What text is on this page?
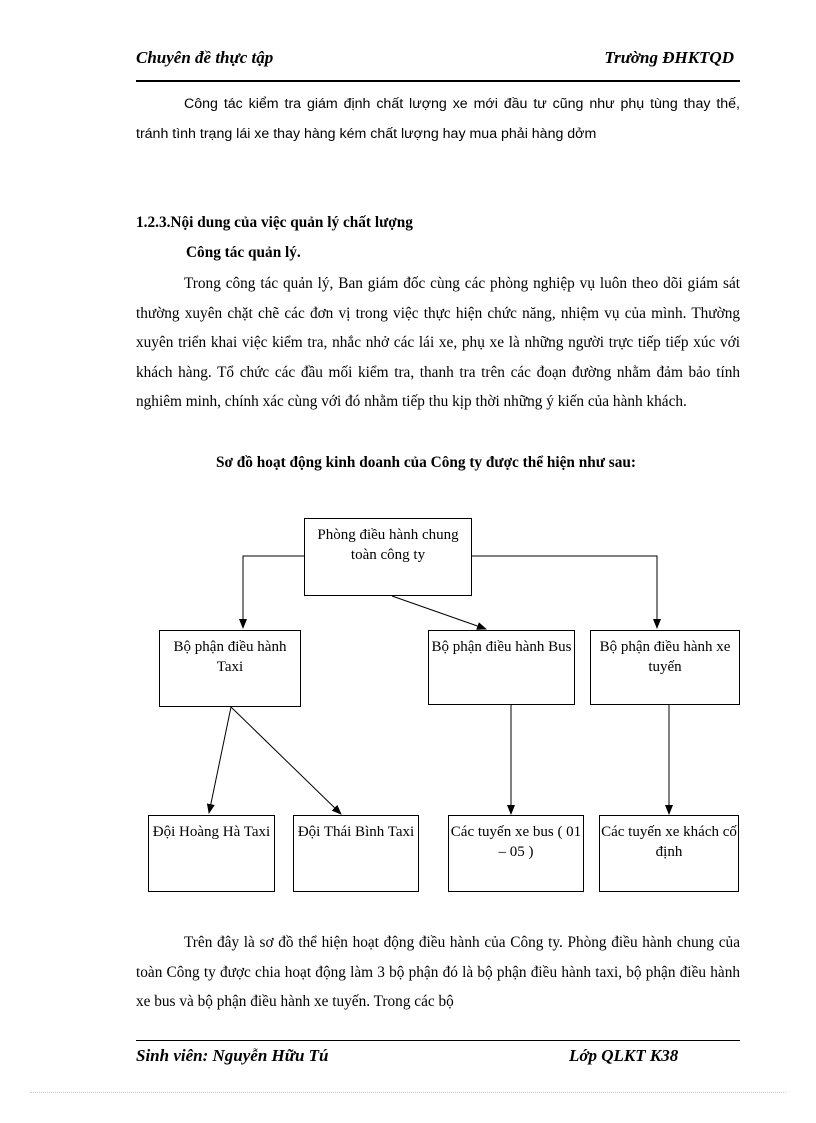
Chuyên đề thực tập	Trường ĐHKTQD

Công tác kiểm tra giám định chất lượng xe mới đầu tư cũng như phụ tùng thay thế, tránh tình trạng lái xe thay hàng kém chất lượng hay mua phải hàng dởm

1.2.3.Nội dung của việc quản lý chất lượng
Công tác quản lý.

Trong công tác quản lý, Ban giám đốc cùng các phòng nghiệp vụ luôn theo dõi giám sát thường xuyên chặt chẽ các đơn vị trong việc thực hiện chức năng, nhiệm vụ của mình. Thường xuyên triển khai việc kiểm tra, nhắc nhở các lái xe, phụ xe là những người trực tiếp tiếp xúc với khách hàng. Tổ chức các đầu mối kiểm tra, thanh tra trên các đoạn đường nhằm đảm bảo tính nghiêm minh, chính xác cùng với đó nhằm tiếp thu kịp thời những ý kiến của hành khách.

Sơ đồ hoạt động kinh doanh của Công ty được thể hiện như sau:
Phòng điều hành chung toàn công ty
Bộ phận điều hành Taxi
Bộ phận điều hành Bus	Bộ phận điều hành xe tuyến
Đội Hoàng Hà Taxi	Đội Thái Bình Taxi	Các tuyến xe bus ( 01 – 05 )
Các tuyến xe khách cố định

Trên đây là sơ đồ thể hiện hoạt động điều hành của Công ty. Phòng điều hành chung của toàn Công ty được chia hoạt động làm 3 bộ phận đó là bộ phận điều hành taxi, bộ phận điều hành xe bus và bộ phận điều hành xe tuyến. Trong các bộ

Sinh viên: Nguyễn Hữu Tú	Lớp QLKT K38
